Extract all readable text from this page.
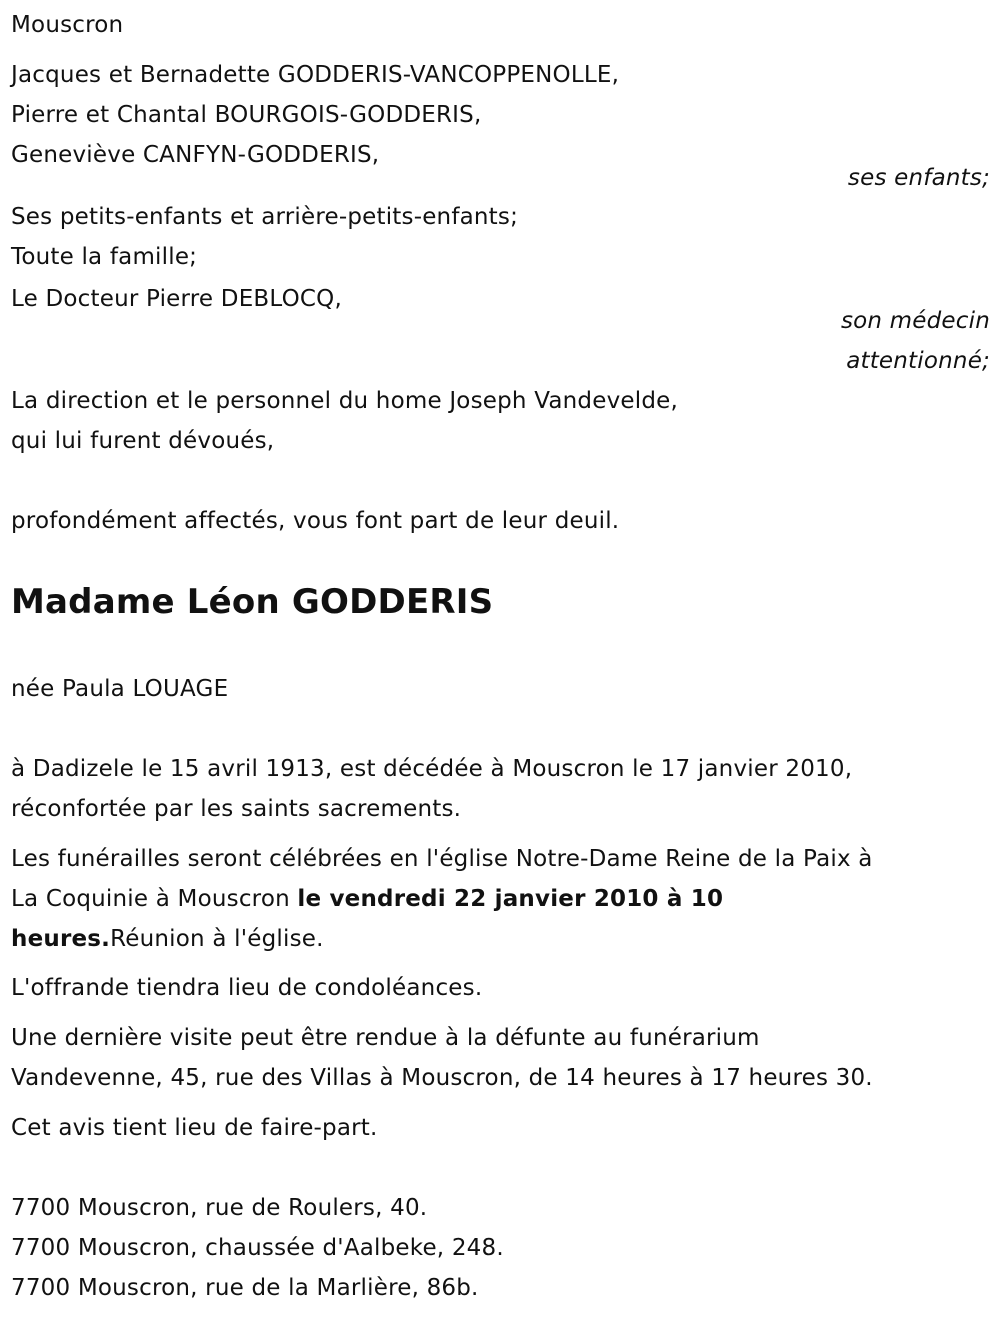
Mouscron
Jacques et Bernadette GODDERIS-VANCOPPENOLLE,
Pierre et Chantal BOURGOIS-GODDERIS,
Geneviève CANFYN-GODDERIS,
ses enfants;
Ses petits-enfants et arrière-petits-enfants;
Toute la famille;
Le Docteur Pierre DEBLOCQ,
son médecin
attentionné;
La direction et le personnel du home Joseph Vandevelde,
qui lui furent dévoués,
profondément affectés, vous font part de leur deuil.
Madame Léon GODDERIS
née Paula LOUAGE
à Dadizele le 15 avril 1913, est décédée à Mouscron le 17 janvier 2010,
réconfortée par les saints sacrements.
Les funérailles seront célébrées en l'église Notre-Dame Reine de la Paix à
La Coquinie à Mouscron le vendredi 22 janvier 2010 à 10
heures.Réunion à l'église.
L'offrande tiendra lieu de condoléances.
Une dernière visite peut être rendue à la défunte au funérarium
Vandevenne, 45, rue des Villas à Mouscron, de 14 heures à 17 heures 30.
Cet avis tient lieu de faire-part.
7700 Mouscron, rue de Roulers, 40.
7700 Mouscron, chaussée d'Aalbeke, 248.
7700 Mouscron, rue de la Marlière, 86b.
